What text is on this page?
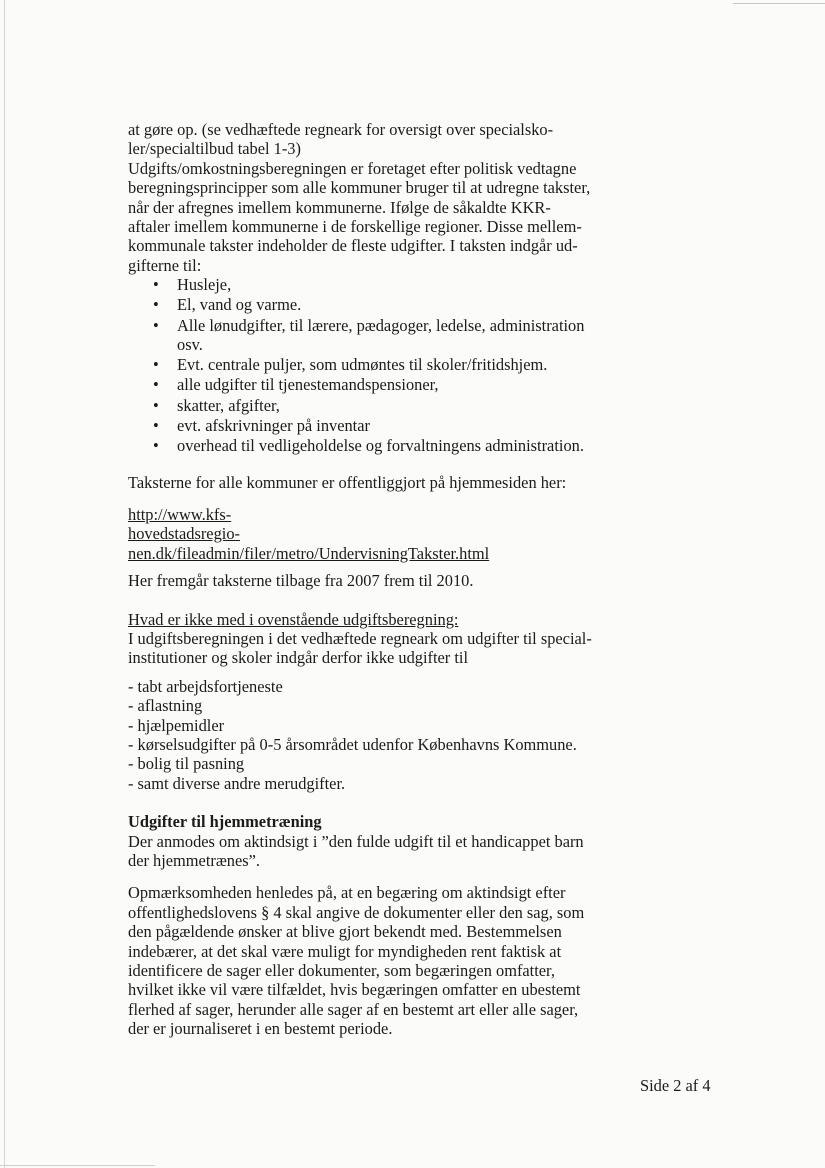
at gøre op. (se vedhæftede regneark for oversigt over specialsko-
ler/specialtilbud tabel 1-3)
Udgifts/omkostningsberegningen er foretaget efter politisk vedtagne
beregningsprincipper som alle kommuner bruger til at udregne takster,
når der afregnes imellem kommunerne. Ifølge de såkaldte KKR-
aftaler imellem kommunerne i de forskellige regioner. Disse mellem-
kommunale takster indeholder de fleste udgifter. I taksten indgår ud-
gifterne til:
• Husleje,
• El, vand og varme.
• Alle lønudgifter, til lærere, pædagoger, ledelse, administration osv.
• Evt. centrale puljer, som udmøntes til skoler/fritidshjem.
• alle udgifter til tjenestemandspensioner,
• skatter, afgifter,
• evt. afskrivninger på inventar
• overhead til vedligeholdelse og forvaltningens administration.
Taksterne for alle kommuner er offentliggjort på hjemmesiden her:
http://www.kfs-
hovedstadsregio-
nen.dk/fileadmin/filer/metro/UndervisningTakster.html
Her fremgår taksterne tilbage fra 2007 frem til 2010.
Hvad er ikke med i ovenstående udgiftsberegning:
I udgiftsberegningen i det vedhæftede regneark om udgifter til special-
institutioner og skoler indgår derfor ikke udgifter til
- tabt arbejdsfortjeneste
- aflastning
- hjælpemidler
- kørselsudgifter på 0-5 årsområdet udenfor Københavns Kommune.
- bolig til pasning
- samt diverse andre merudgifter.
Udgifter til hjemmetræning
Der anmodes om aktindsigt i ”den fulde udgift til et handicappet barn
der hjemmetrænes”.
Opmærksomheden henledes på, at en begæring om aktindsigt efter
offentlighedslovens § 4 skal angive de dokumenter eller den sag, som
den pågældende ønsker at blive gjort bekendt med. Bestemmelsen
indebærer, at det skal være muligt for myndigheden rent faktisk at
identificere de sager eller dokumenter, som begæringen omfatter,
hvilket ikke vil være tilfældet, hvis begæringen omfatter en ubestemt
flerhed af sager, herunder alle sager af en bestemt art eller alle sager,
der er journaliseret i en bestemt periode.
Side 2 af 4
